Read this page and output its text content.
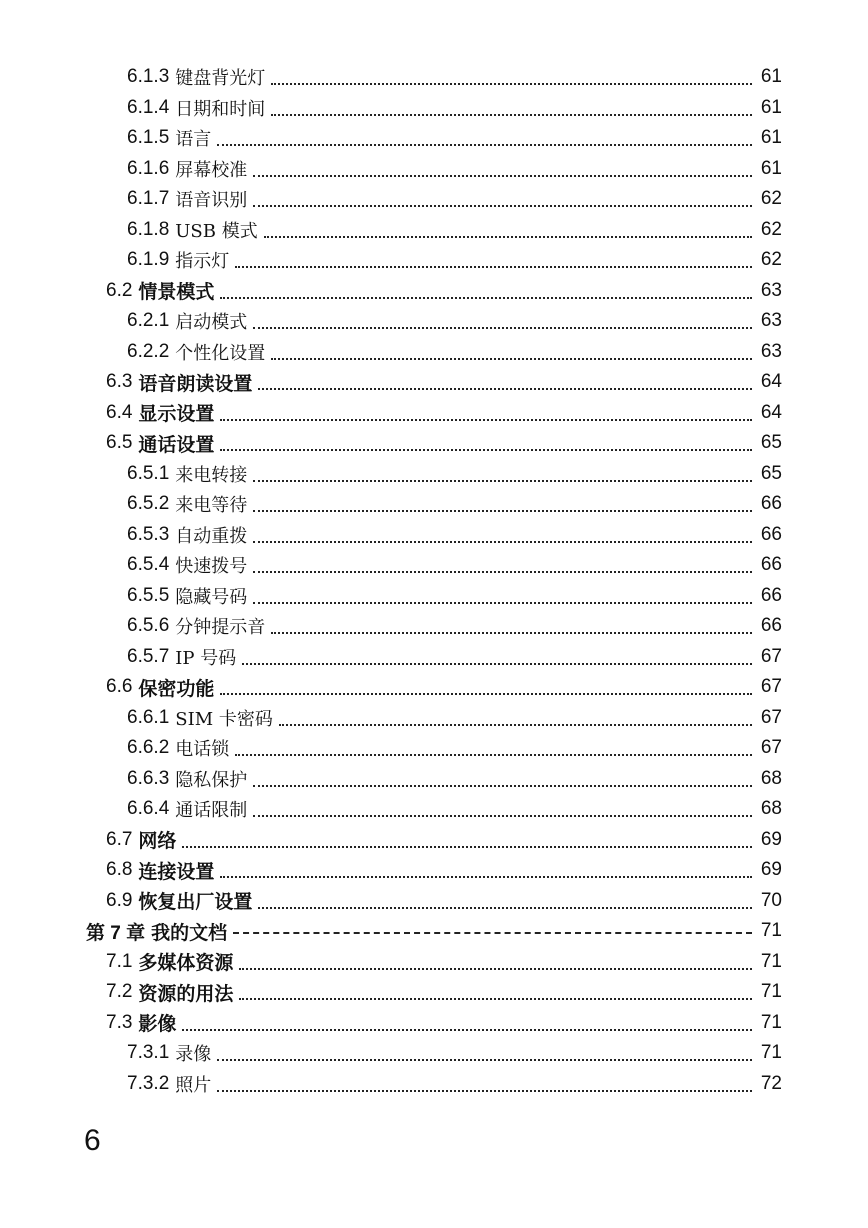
6.1.3 键盘背光灯	61
6.1.4 日期和时间	61
6.1.5 语言	61
6.1.6 屏幕校准	61
6.1.7 语音识别	62
6.1.8 USB 模式	62
6.1.9 指示灯	62
6.2 情景模式	63
6.2.1 启动模式	63
6.2.2 个性化设置	63
6.3 语音朗读设置	64
6.4 显示设置	64
6.5 通话设置	65
6.5.1 来电转接	65
6.5.2 来电等待	66
6.5.3 自动重拨	66
6.5.4 快速拨号	66
6.5.5 隐藏号码	66
6.5.6 分钟提示音	66
6.5.7 IP 号码	67
6.6 保密功能	67
6.6.1 SIM 卡密码	67
6.6.2 电话锁	67
6.6.3 隐私保护	68
6.6.4 通话限制	68
6.7 网络	69
6.8 连接设置	69
6.9 恢复出厂设置	70
第 7 章 我的文档	71
7.1 多媒体资源	71
7.2 资源的用法	71
7.3 影像	71
7.3.1 录像	71
7.3.2 照片	72
6
